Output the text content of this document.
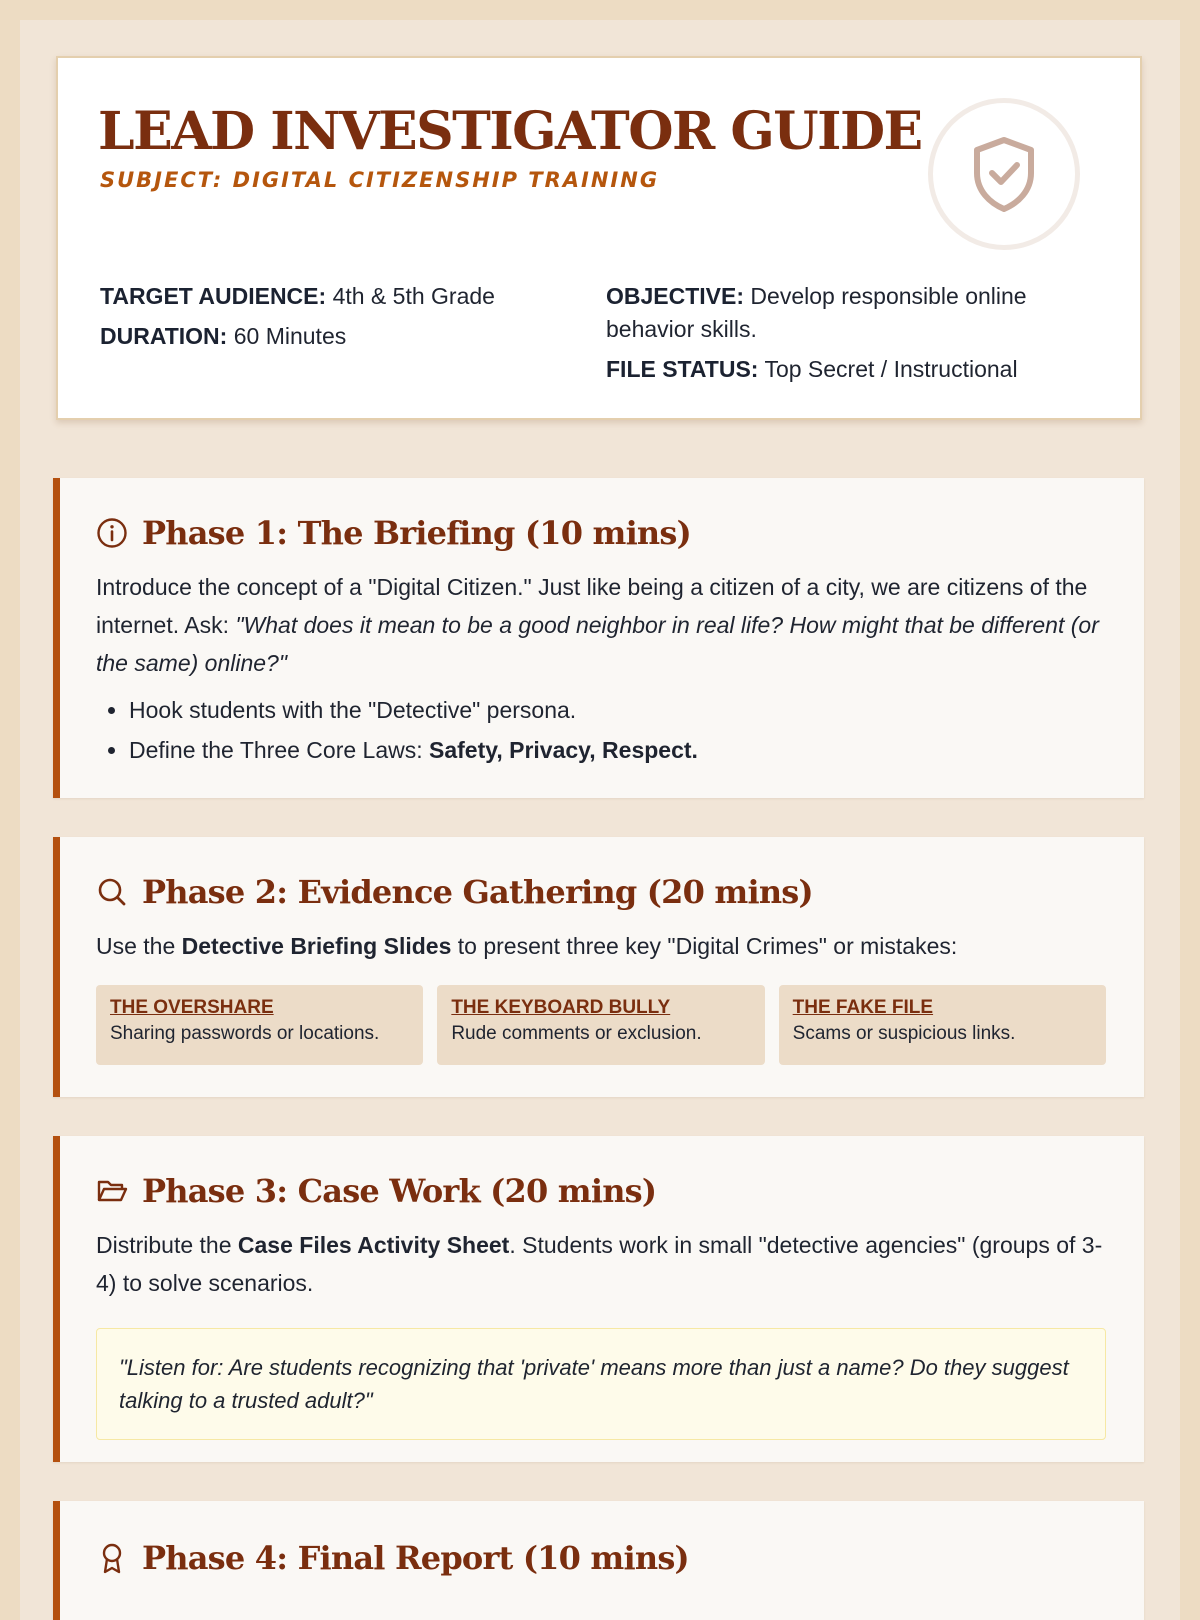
LEAD INVESTIGATOR GUIDE
SUBJECT: DIGITAL CITIZENSHIP TRAINING
TARGET AUDIENCE: 4th & 5th Grade
DURATION: 60 Minutes
OBJECTIVE: Develop responsible online behavior skills.
FILE STATUS: Top Secret / Instructional
Phase 1: The Briefing (10 mins)

Introduce the concept of a "Digital Citizen." Just like being a citizen of a city, we are citizens of the internet. Ask: "What does it mean to be a good neighbor in real life? How might that be different (or the same) online?"

• Hook students with the "Detective" persona.
• Define the Three Core Laws: Safety, Privacy, Respect.
Phase 2: Evidence Gathering (20 mins)

Use the Detective Briefing Slides to present three key "Digital Crimes" or mistakes:

THE OVERSHARE
Sharing passwords or locations.
THE KEYBOARD BULLY
Rude comments or exclusion.
THE FAKE FILE
Scams or suspicious links.
Phase 3: Case Work (20 mins)

Distribute the Case Files Activity Sheet. Students work in small "detective agencies" (groups of 3-4) to solve scenarios.

"Listen for: Are students recognizing that 'private' means more than just a name? Do they suggest talking to a trusted adult?"
Phase 4: Final Report (10 mins)
